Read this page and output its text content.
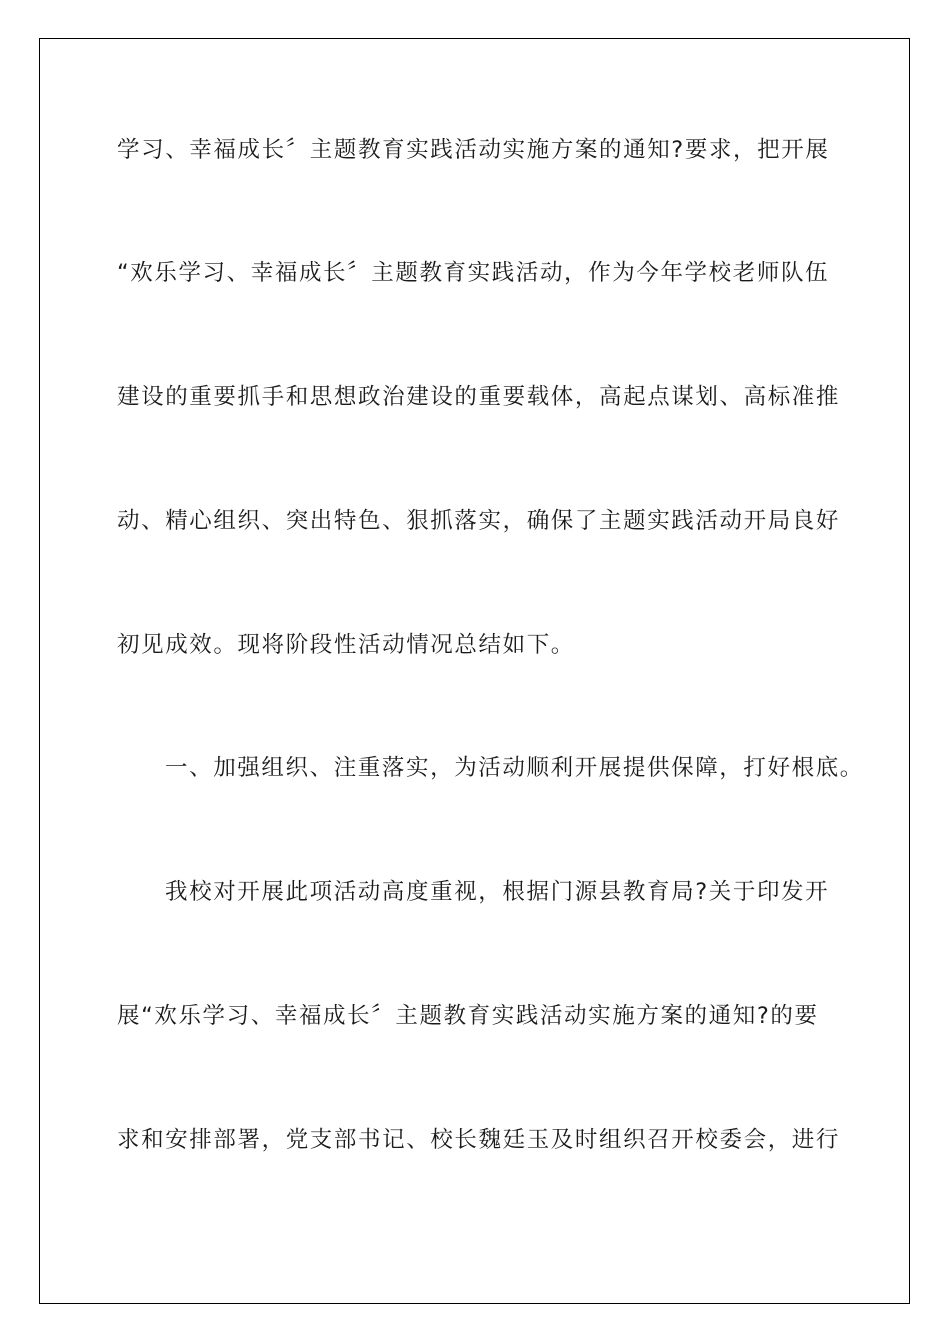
学习、幸福成长〞主题教育实践活动实施方案的通知?要求，把开展

“欢乐学习、幸福成长〞主题教育实践活动，作为今年学校老师队伍

建设的重要抓手和思想政治建设的重要载体，高起点谋划、高标准推

动、精心组织、突出特色、狠抓落实，确保了主题实践活动开局良好

初见成效。现将阶段性活动情况总结如下。

一、加强组织、注重落实，为活动顺利开展提供保障，打好根底。

我校对开展此项活动高度重视，根据门源县教育局?关于印发开

展“欢乐学习、幸福成长〞主题教育实践活动实施方案的通知?的要

求和安排部署，党支部书记、校长魏廷玉及时组织召开校委会，进行
